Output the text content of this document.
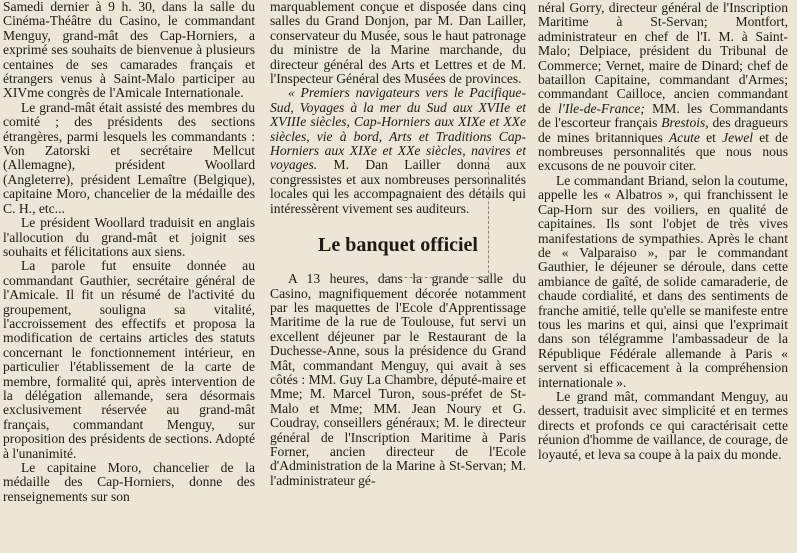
Samedi dernier à 9 h. 30, dans la salle du Cinéma-Théâtre du Casino, le commandant Menguy, grand-mât des Cap-Horniers, a exprimé ses souhaits de bienvenue à plusieurs centaines de ses camarades français et étrangers venus à Saint-Malo participer au XIVme congrès de l'Amicale Internationale.

Le grand-mât était assisté des membres du comité ; des présidents des sections étrangères, parmi lesquels les commandants : Von Zatorski et secrétaire Mellcut (Allemagne), président Woollard (Angleterre), président Lemaître (Belgique), capitaine Moro, chancelier de la médaille des C. H., etc...

Le président Woollard traduisit en anglais l'allocution du grand-mât et joignit ses souhaits et félicitations aux siens.

La parole fut ensuite donnée au commandant Gauthier, secrétaire général de l'Amicale. Il fit un résumé de l'activité du groupement, souligna sa vitalité, l'accroissement des effectifs et proposa la modification de certains articles des statuts concernant le fonctionnement intérieur, en particulier l'établissement de la carte de membre, formalité qui, après intervention de la délégation allemande, sera désormais exclusivement réservée au grand-mât français, commandant Menguy, sur proposition des présidents de sections. Adopté à l'unanimité.

Le capitaine Moro, chancelier de la médaille des Cap-Horniers, donne des renseignements sur son

marquablement conçue et disposée dans cinq salles du Grand Donjon, par M. Dan Lailler, conservateur du Musée, sous le haut patronage du ministre de la Marine marchande, du directeur général des Arts et Lettres et de M. l'Inspecteur Général des Musées de provinces.

« Premiers navigateurs vers le Pacifique-Sud, Voyages à la mer du Sud aux XVIIe et XVIIIe siècles, Cap-Horniers aux XIXe et XXe siècles, vie à bord, Arts et Traditions Cap-Horniers aux XIXe et XXe siècles, navires et voyages. M. Dan Lailler donna aux congressistes et aux nombreuses personnalités locales qui les accompagnaient des détails qui intéressèrent vivement ses auditeurs.

Le banquet officiel

A 13 heures, dans la grande salle du Casino, magnifiquement décorée notamment par les maquettes de l'Ecole d'Apprentissage Maritime de la rue de Toulouse, fut servi un excellent déjeuner par le Restaurant de la Duchesse-Anne, sous la présidence du Grand Mât, commandant Menguy, qui avait à ses côtés : MM. Guy La Chambre, député-maire et Mme; M. Marcel Turon, sous-préfet de St-Malo et Mme; MM. Jean Noury et G. Coudray, conseillers généraux; M. le directeur général de l'Inscription Maritime à Paris Forner, ancien directeur de l'Ecole d'Administration de la Marine à St-Servan; M. l'administrateur gé-

néral Gorry, directeur général de l'Inscription Maritime à St-Servan; Montfort, administrateur en chef de l'I. M. à Saint-Malo; Delpiace, président du Tribunal de Commerce; Vernet, maire de Dinard; chef de bataillon Capitaine, commandant d'Armes; commandant Cailloce, ancien commandant de l'Ile-de-France; MM. les Commandants de l'escorteur français Brestois, des dragueurs de mines britanniques Acute et Jewel et de nombreuses personnalités que nous nous excusons de ne pouvoir citer.

Le commandant Briand, selon la coutume, appelle les « Albatros », qui franchissent le Cap-Horn sur des voiliers, en qualité de capitaines. Ils sont l'objet de très vives manifestations de sympathies. Après le chant de « Valparaiso », par le commandant Gauthier, le déjeuner se déroule, dans cette ambiance de gaîté, de solide camaraderie, de chaude cordialité, et dans des sentiments de franche amitié, telle qu'elle se manifeste entre tous les marins et qui, ainsi que l'exprimait dans son télégramme l'ambassadeur de la République Fédérale allemande à Paris « servent si efficacement à la compréhension internationale ».

Le grand mât, commandant Menguy, au dessert, traduisit avec simplicité et en termes directs et profonds ce qui caractérisait cette réunion d'homme de vaillance, de courage, de loyauté, et leva sa coupe à la paix du monde.
